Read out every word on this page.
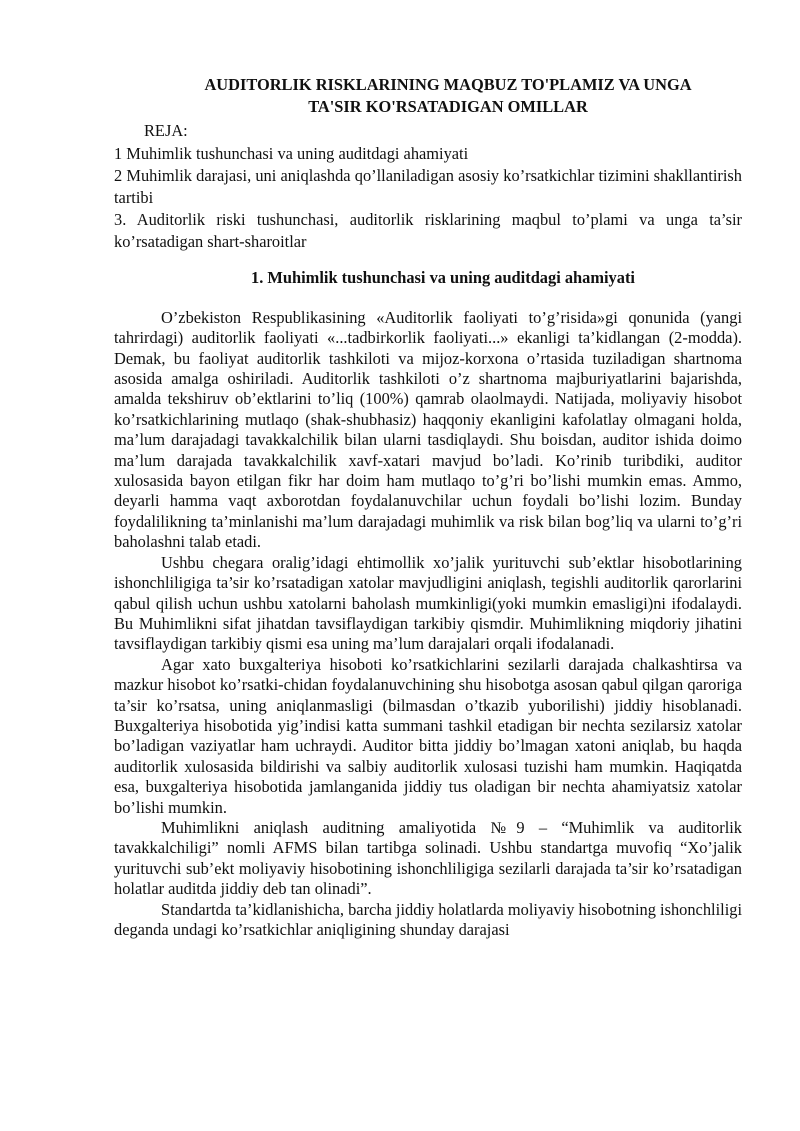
AUDITORLIK RISKLARINING MAQBUZ TO'PLAMIZ VA UNGA
TA'SIR KO'RSATADIGAN OMILLAR

REJA:

1 Muhimlik tushunchasi va uning auditdagi ahamiyati
2 Muhimlik darajasi, uni aniqlashda qo’llaniladigan asosiy ko’rsatkichlar tizimini shakllantirish tartibi
3. Auditorlik riski tushunchasi, auditorlik risklarining maqbul to’plami va unga ta’sir ko’rsatadigan shart-sharoitlar
1. Muhimlik tushunchasi va uning auditdagi ahamiyati

O’zbekiston Respublikasining «Auditorlik faoliyati to’g’risida»gi qonunida (yangi tahrirdagi) auditorlik faoliyati «...tadbirkorlik faoliyati...» ekanligi ta’kidlangan (2-modda). Demak, bu faoliyat auditorlik tashkiloti va mijoz-korxona o’rtasida tuziladigan shartnoma asosida amalga oshiriladi. Auditorlik tashkiloti o’z shartnoma majburiyatlarini bajarishda, amalda tekshiruv ob’ektlarini to’liq (100%) qamrab olaolmaydi. Natijada, moliyaviy hisobot ko’rsatkichlarining mutlaqo (shak-shubhasiz) haqqoniy ekanligini kafolatlay olmagani holda, ma’lum darajadagi tavakkalchilik bilan ularni tasdiqlaydi. Shu boisdan, auditor ishida doimo ma’lum darajada tavakkalchilik xavf-xatari mavjud bo’ladi. Ko’rinib turibdiki, auditor xulosasida bayon etilgan fikr har doim ham mutlaqo to’g’ri bo’lishi mumkin emas. Ammo, deyarli hamma vaqt axborotdan foydalanuvchilar uchun foydali bo’lishi lozim. Bunday foydalilikning ta’minlanishi ma’lum darajadagi muhimlik va risk bilan bog’liq va ularni to’g’ri baholashni talab etadi.

Ushbu chegara oralig’idagi ehtimollik xo’jalik yurituvchi sub’ektlar hisobotlarining ishonchliligiga ta’sir ko’rsatadigan xatolar mavjudligini aniqlash, tegishli auditorlik qarorlarini qabul qilish uchun ushbu xatolarni baholash mumkinligi(yoki mumkin emasligi)ni ifodalaydi. Bu Muhimlikni sifat jihatdan tavsiflaydigan tarkibiy qismdir. Muhimlikning miqdoriy jihatini tavsiflaydigan tarkibiy qismi esa uning ma’lum darajalari orqali ifodalanadi.

Agar xato buxgalteriya hisoboti ko’rsatkichlarini sezilarli darajada chalkashtirsa va mazkur hisobot ko’rsatki-chidan foydalanuvchining shu hisobotga asosan qabul qilgan qaroriga ta’sir ko’rsatsa, uning aniqlanmasligi (bilmasdan o’tkazib yuborilishi) jiddiy hisoblanadi. Buxgalteriya hisobotida yig’indisi katta summani tashkil etadigan bir nechta sezilarsiz xatolar bo’ladigan vaziyatlar ham uchraydi. Auditor bitta jiddiy bo’lmagan xatoni aniqlab, bu haqda auditorlik xulosasida bildirishi va salbiy auditorlik xulosasi tuzishi ham mumkin. Haqiqatda esa, buxgalteriya hisobotida jamlanganida jiddiy tus oladigan bir nechta ahamiyatsiz xatolar bo’lishi mumkin.

Muhimlikni aniqlash auditning amaliyotida №9 – “Muhimlik va auditorlik tavakkalchiligi” nomli AFMS bilan tartibga solinadi. Ushbu standartga muvofiq “Xo’jalik yurituvchi sub’ekt moliyaviy hisobotining ishonchliligiga sezilarli darajada ta’sir ko’rsatadigan holatlar auditda jiddiy deb tan olinadi”.

Standartda ta’kidlanishicha, barcha jiddiy holatlarda moliyaviy hisobotning ishonchliligi deganda undagi ko’rsatkichlar aniqligining shunday darajasi
